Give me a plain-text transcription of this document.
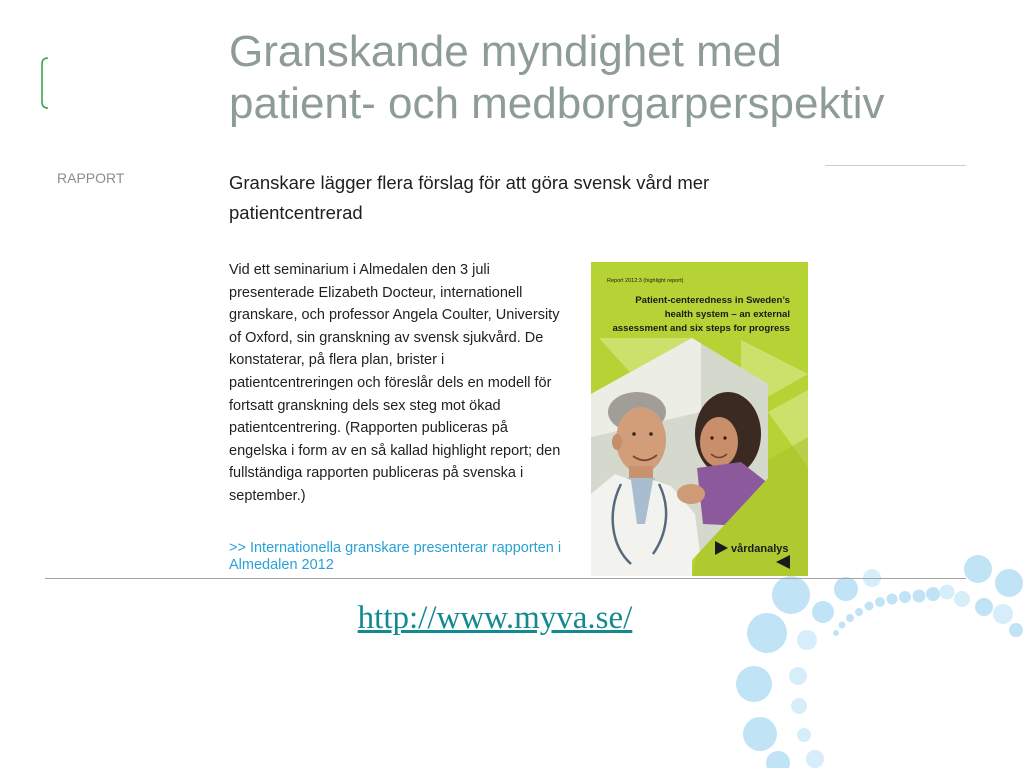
Granskande myndighet med
patient- och medborgarperspektiv
RAPPORT	Granskare lägger flera förslag för att göra svensk vård mer patientcentrerad
Vid ett seminarium i Almedalen den 3 juli
presenterade Elizabeth Docteur, internationell
granskare, och professor Angela Coulter, University
of Oxford, sin granskning av svensk sjukvård. De
konstaterar, på flera plan, brister i
patientcentreringen och föreslår dels en modell för
fortsatt granskning dels sex steg mot ökad
patientcentrering. (Rapporten publiceras på
engelska i form av en så kallad highlight report; den
fullständiga rapporten publiceras på svenska i
september.)
>> Internationella granskare presenterar rapporten i
Almedalen 2012
Report 2012:3 (highlight report)
Patient-centeredness in Sweden’s
health system – an external
assessment and six steps for progress
vårdanalys
http://www.myva.se/
